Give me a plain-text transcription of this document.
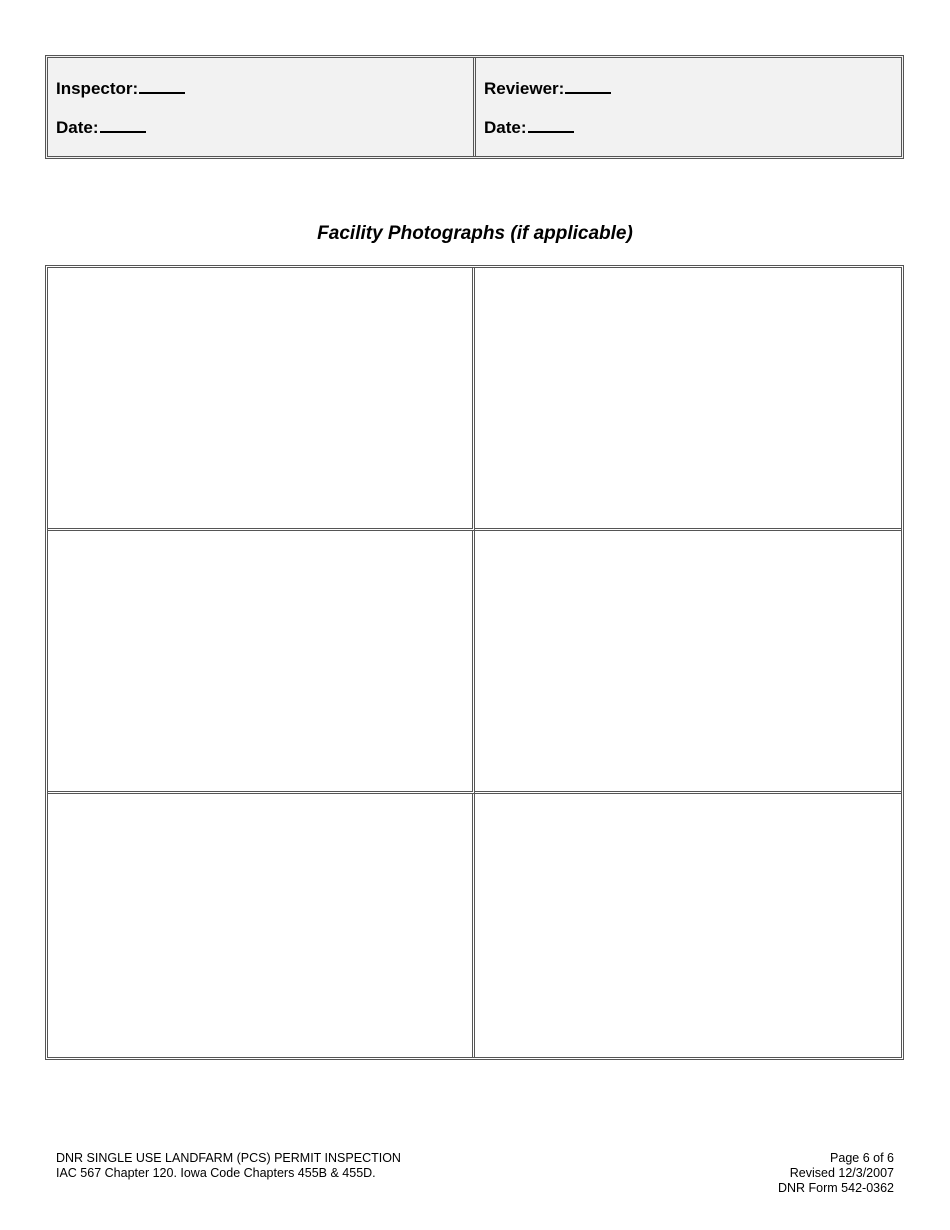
Inspector:
Date:
Reviewer:
Date:
Facility Photographs (if applicable)
DNR SINGLE USE LANDFARM (PCS) PERMIT INSPECTION
IAC 567 Chapter 120. Iowa Code Chapters 455B & 455D.
Page 6 of 6
Revised 12/3/2007
DNR Form 542-0362
